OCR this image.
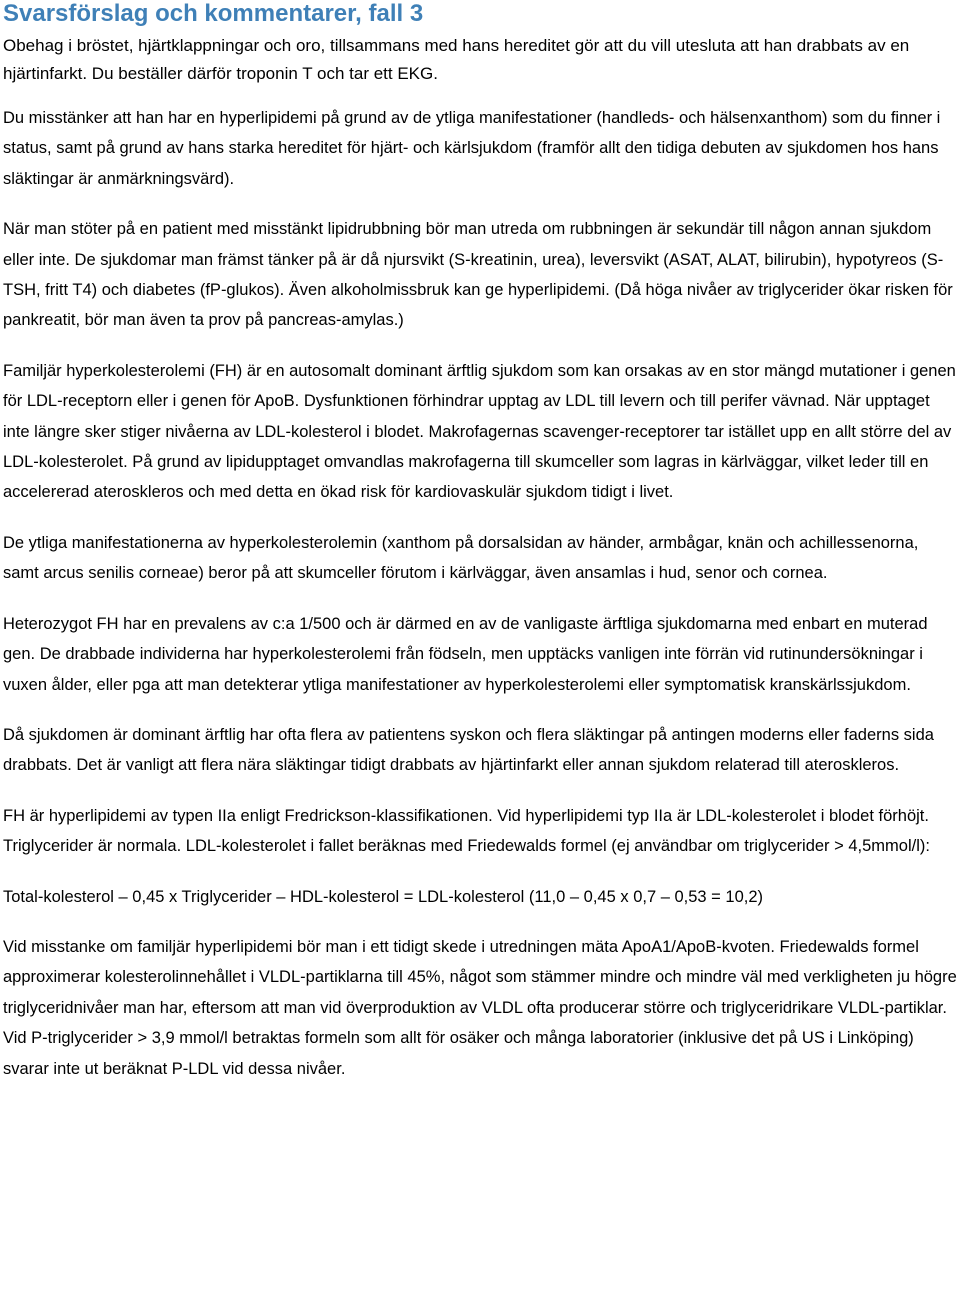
Svarsförslag och kommentarer, fall 3

Obehag i bröstet, hjärtklappningar och oro, tillsammans med hans hereditet gör att du vill utesluta att han drabbats av en hjärtinfarkt. Du beställer därför troponin T och tar ett EKG.

Du misstänker att han har en hyperlipidemi på grund av de ytliga manifestationer (handleds- och hälsenxanthom) som du finner i status, samt på grund av hans starka hereditet för hjärt- och kärlsjukdom (framför allt den tidiga debuten av sjukdomen hos hans släktingar är anmärkningsvärd).

När man stöter på en patient med misstänkt lipidrubbning bör man utreda om rubbningen är sekundär till någon annan sjukdom eller inte. De sjukdomar man främst tänker på är då njursvikt (S-kreatinin, urea), leversvikt (ASAT, ALAT, bilirubin), hypotyreos (S-TSH, fritt T4) och diabetes (fP-glukos). Även alkoholmissbruk kan ge hyperlipidemi. (Då höga nivåer av triglycerider ökar risken för pankreatit, bör man även ta prov på pancreas-amylas.)

Familjär hyperkolesterolemi (FH) är en autosomalt dominant ärftlig sjukdom som kan orsakas av en stor mängd mutationer i genen för LDL-receptorn eller i genen för ApoB. Dysfunktionen förhindrar upptag av LDL till levern och till perifer vävnad. När upptaget inte längre sker stiger nivåerna av LDL-kolesterol i blodet. Makrofagernas scavenger-receptorer tar istället upp en allt större del av LDL-kolesterolet. På grund av lipidupptaget omvandlas makrofagerna till skumceller som lagras in kärlväggar, vilket leder till en accelererad ateroskleros och med detta en ökad risk för kardiovaskulär sjukdom tidigt i livet.

De ytliga manifestationerna av hyperkolesterolemin (xanthom på dorsalsidan av händer, armbågar, knän och achillessenorna, samt arcus senilis corneae) beror på att skumceller förutom i kärlväggar, även ansamlas i hud, senor och cornea.

Heterozygot FH har en prevalens av c:a 1/500 och är därmed en av de vanligaste ärftliga sjukdomarna med enbart en muterad gen. De drabbade individerna har hyperkolesterolemi från födseln, men upptäcks vanligen inte förrän vid rutinundersökningar i vuxen ålder, eller pga att man detekterar ytliga manifestationer av hyperkolesterolemi eller symptomatisk kranskärlssjukdom.

Då sjukdomen är dominant ärftlig har ofta flera av patientens syskon och flera släktingar på antingen moderns eller faderns sida drabbats. Det är vanligt att flera nära släktingar tidigt drabbats av hjärtinfarkt eller annan sjukdom relaterad till ateroskleros.

FH är hyperlipidemi av typen IIa enligt Fredrickson-klassifikationen. Vid hyperlipidemi typ IIa är LDL-kolesterolet i blodet förhöjt. Triglycerider är normala. LDL-kolesterolet i fallet beräknas med Friedewalds formel (ej användbar om triglycerider > 4,5mmol/l):

Total-kolesterol – 0,45 x Triglycerider – HDL-kolesterol = LDL-kolesterol (11,0 – 0,45 x 0,7 – 0,53 = 10,2)

Vid misstanke om familjär hyperlipidemi bör man i ett tidigt skede i utredningen mäta ApoA1/ApoB-kvoten. Friedewalds formel approximerar kolesterolinnehållet i VLDL-partiklarna till 45%, något som stämmer mindre och mindre väl med verkligheten ju högre triglyceridnivåer man har, eftersom att man vid överproduktion av VLDL ofta producerar större och triglyceridrikare VLDL-partiklar. Vid P-triglycerider > 3,9 mmol/l betraktas formeln som allt för osäker och många laboratorier (inklusive det på US i Linköping) svarar inte ut beräknat P-LDL vid dessa nivåer.
